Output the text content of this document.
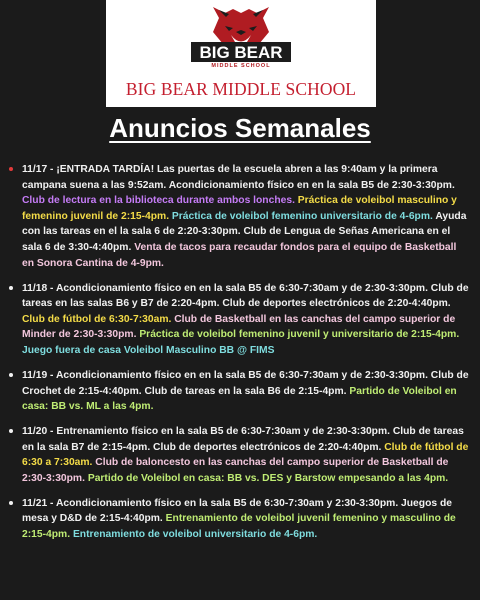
BIG BEAR
MIDDLE SCHOOL
BIG BEAR MIDDLE SCHOOL
Anuncios Semanales
11/17 - ¡ENTRADA TARDÍA! Las puertas de la escuela abren a las 9:40am y la primera campana suena a las 9:52am. Acondicionamiento físico en en la sala B5 de 2:30-3:30pm. Club de lectura en la biblioteca durante ambos lonches. Práctica de voleibol masculino y femenino juvenil de 2:15-4pm. Práctica de voleibol femenino universitario de 4-6pm. Ayuda con las tareas en el la sala 6 de 2:20-3:30pm. Club de Lengua de Señas Americana en el sala 6 de 3:30-4:40pm. Venta de tacos para recaudar fondos para el equipo de Basketball en Sonora Cantina de 4-9pm.
11/18 - Acondicionamiento físico en en la sala B5 de 6:30-7:30am y de 2:30-3:30pm. Club de tareas en las salas B6 y B7 de 2:20-4pm. Club de deportes electrónicos de 2:20-4:40pm. Club de fútbol de 6:30-7:30am. Club de Basketball en las canchas del campo superior de Minder de 2:30-3:30pm. Práctica de voleibol femenino juvenil y universitario de 2:15-4pm. Juego fuera de casa Voleibol Masculino BB @ FIMS
11/19 - Acondicionamiento físico en en la sala B5 de 6:30-7:30am y de 2:30-3:30pm. Club de Crochet de 2:15-4:40pm. Club de tareas en la sala B6 de 2:15-4pm. Partido de Voleibol en casa: BB vs. ML a las 4pm.
11/20 - Entrenamiento físico en la sala B5 de 6:30-7:30am y de 2:30-3:30pm. Club de tareas en la sala B7 de 2:15-4pm. Club de deportes electrónicos de 2:20-4:40pm. Club de fútbol de 6:30 a 7:30am. Club de baloncesto en las canchas del campo superior de Basketball de 2:30-3:30pm. Partido de Voleibol en casa: BB vs. DES y Barstow empesando a las 4pm.
11/21 - Acondicionamiento físico en la sala B5 de 6:30-7:30am y 2:30-3:30pm. Juegos de mesa y D&D de 2:15-4:40pm. Entrenamiento de voleibol juvenil femenino y masculino de 2:15-4pm. Entrenamiento de voleibol universitario de 4-6pm.
